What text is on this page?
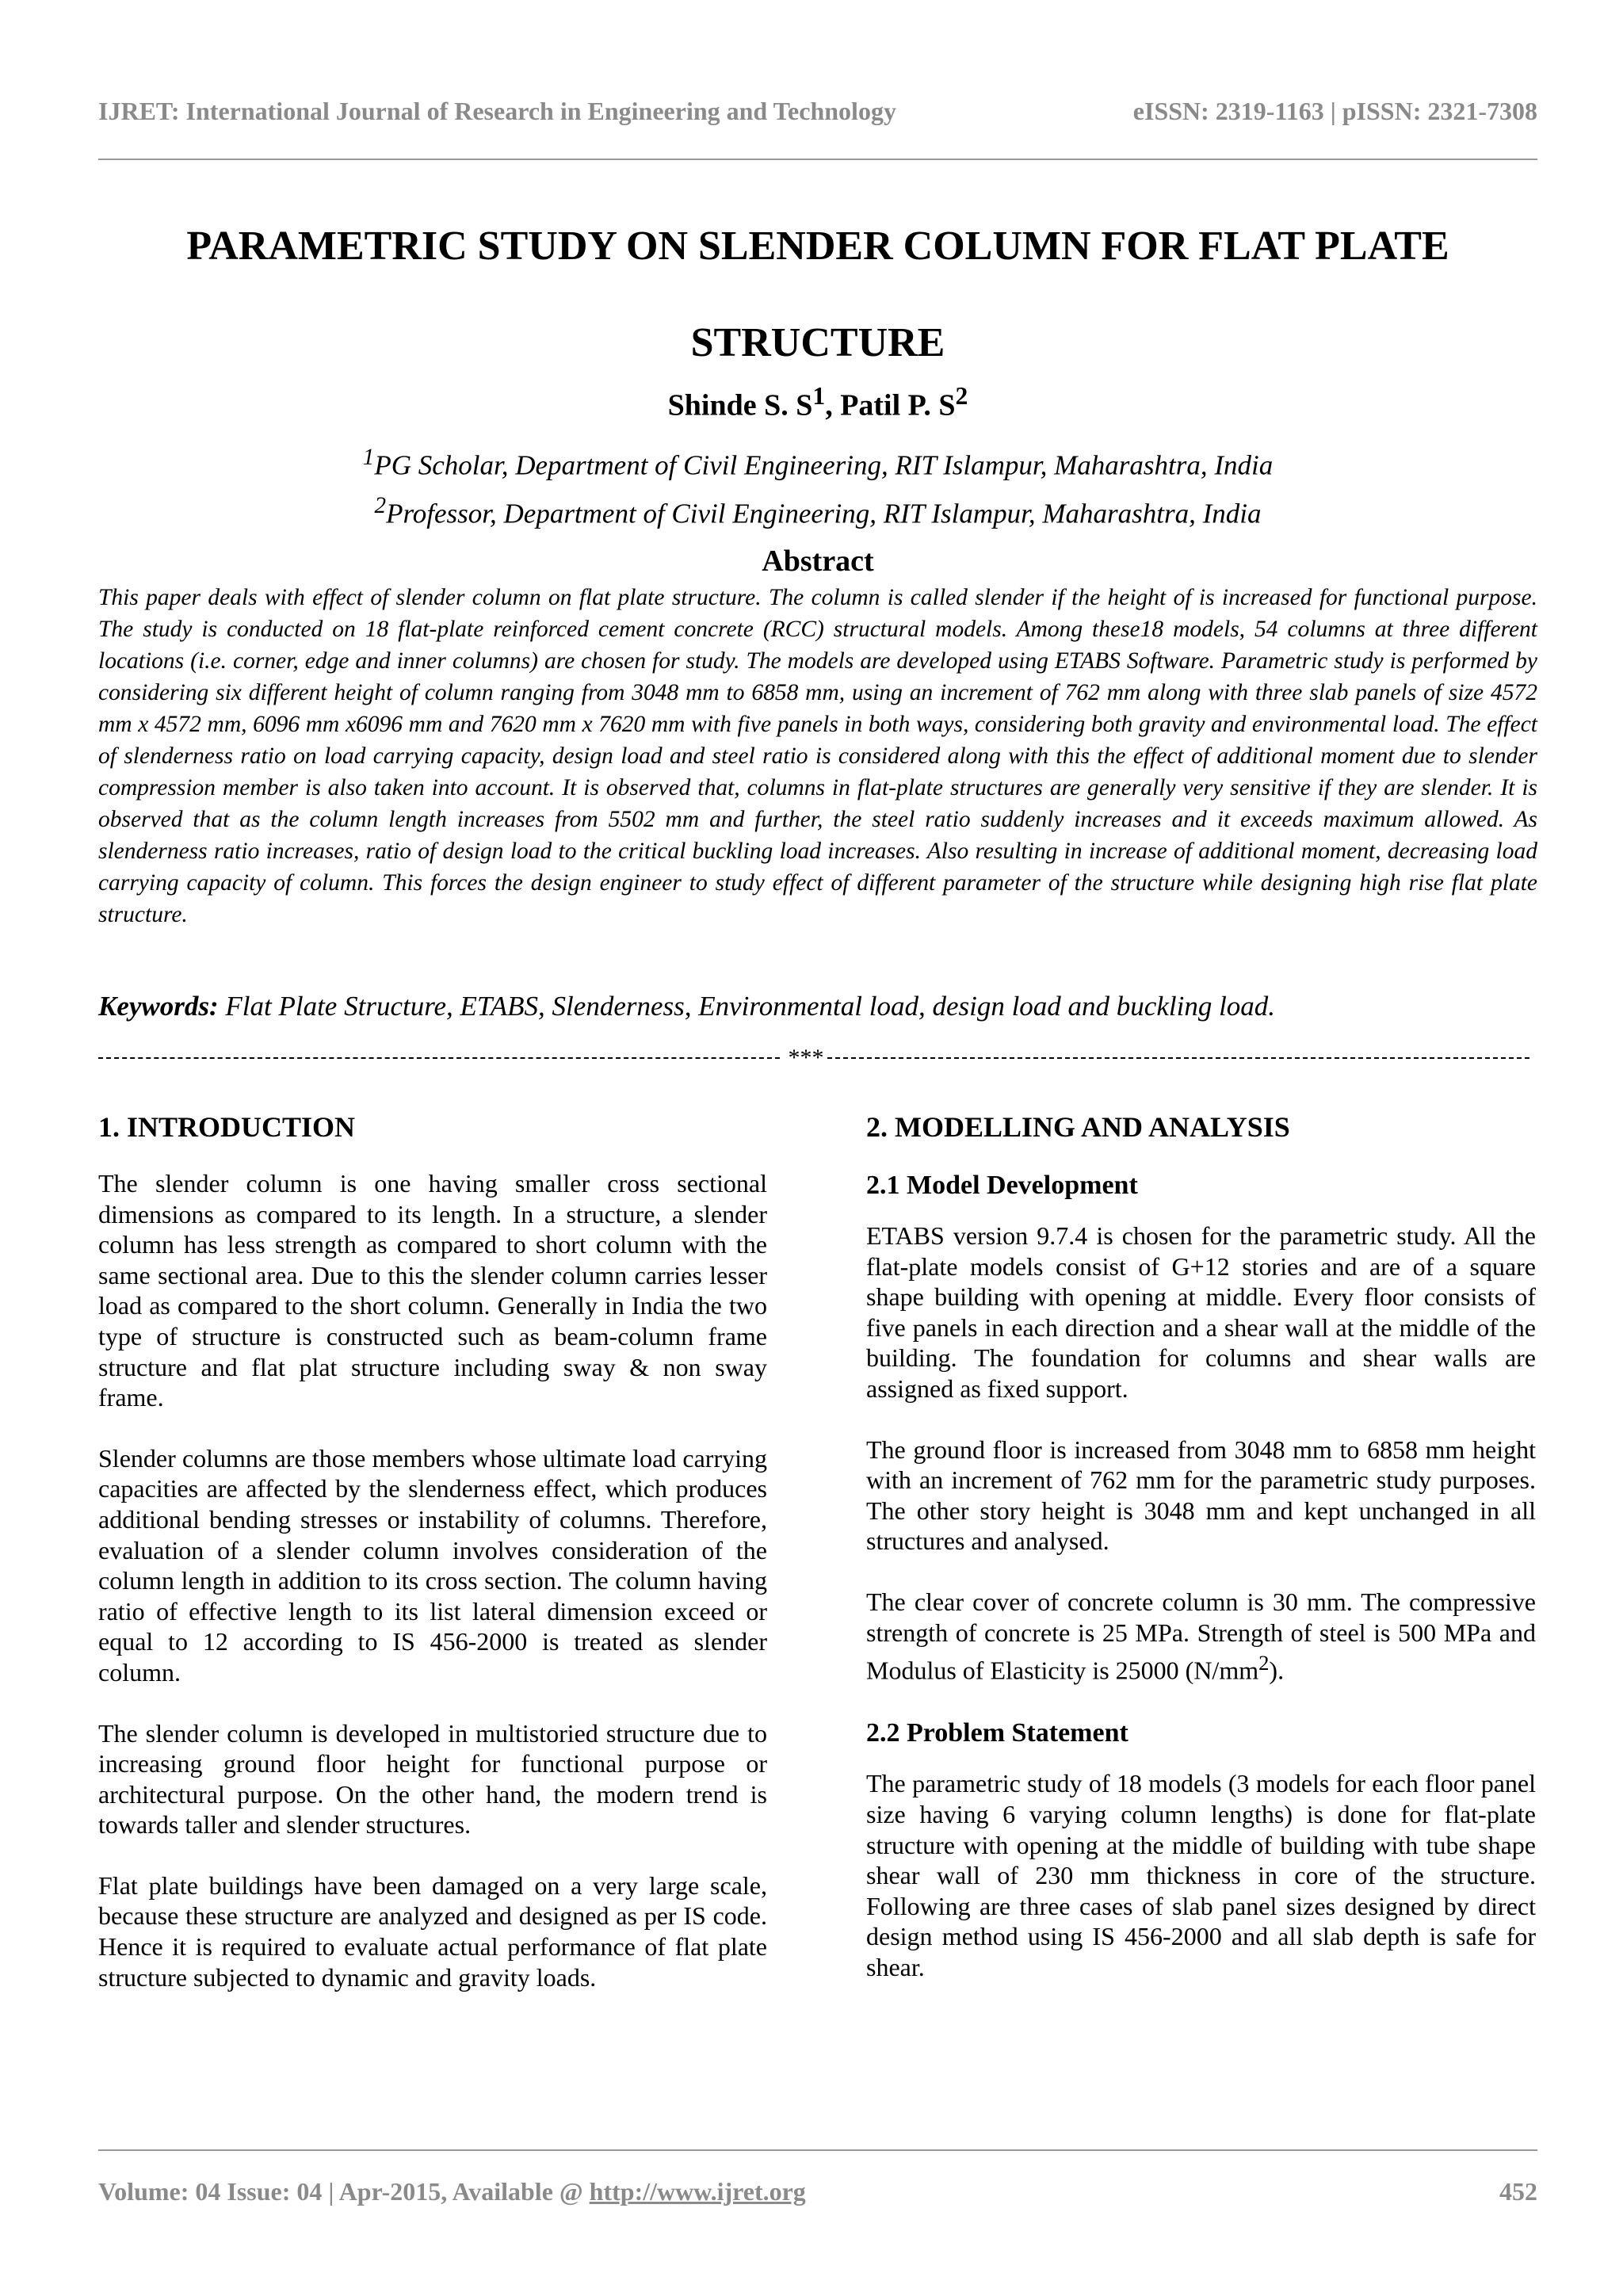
IJRET: International Journal of Research in Engineering and Technology	eISSN: 2319-1163 | pISSN: 2321-7308
PARAMETRIC STUDY ON SLENDER COLUMN FOR FLAT PLATE
STRUCTURE
Shinde S. $S^1$, Patil P. $S^2$
$^1$PG Scholar, Department of Civil Engineering, RIT Islampur, Maharashtra, India
$^2$Professor, Department of Civil Engineering, RIT Islampur, Maharashtra, India
Abstract
This paper deals with effect of slender column on flat plate structure. The column is called slender if the height of is increased for functional purpose. The study is conducted on 18 flat-plate reinforced cement concrete (RCC) structural models. Among these18 models, 54 columns at three different locations (i.e. corner, edge and inner columns) are chosen for study. The models are developed using ETABS Software. Parametric study is performed by considering six different height of column ranging from 3048 mm to 6858 mm, using an increment of 762 mm along with three slab panels of size 4572 mm x 4572 mm, 6096 mm x6096 mm and 7620 mm x 7620 mm with five panels in both ways, considering both gravity and environmental load. The effect of slenderness ratio on load carrying capacity, design load and steel ratio is considered along with this the effect of additional moment due to slender compression member is also taken into account. It is observed that, columns in flat-plate structures are generally very sensitive if they are slender. It is observed that as the column length increases from 5502 mm and further, the steel ratio suddenly increases and it exceeds maximum allowed. As slenderness ratio increases, ratio of design load to the critical buckling load increases. Also resulting in increase of additional moment, decreasing load carrying capacity of column. This forces the design engineer to study effect of different parameter of the structure while designing high rise flat plate structure.
Keywords: Flat Plate Structure, ETABS, Slenderness, Environmental load, design load and buckling load.
***
1. INTRODUCTION

The slender column is one having smaller cross sectional dimensions as compared to its length. In a structure, a slender column has less strength as compared to short column with the same sectional area. Due to this the slender column carries lesser load as compared to the short column. Generally in India the two type of structure is constructed such as beam-column frame structure and flat plat structure including sway & non sway frame.

Slender columns are those members whose ultimate load carrying capacities are affected by the slenderness effect, which produces additional bending stresses or instability of columns. Therefore, evaluation of a slender column involves consideration of the column length in addition to its cross section. The column having ratio of effective length to its list lateral dimension exceed or equal to 12 according to IS 456-2000 is treated as slender column.

The slender column is developed in multistoried structure due to increasing ground floor height for functional purpose or architectural purpose. On the other hand, the modern trend is towards taller and slender structures.

Flat plate buildings have been damaged on a very large scale, because these structure are analyzed and designed as per IS code. Hence it is required to evaluate actual performance of flat plate structure subjected to dynamic and gravity loads.

2. MODELLING AND ANALYSIS
2.1 Model Development

ETABS version 9.7.4 is chosen for the parametric study. All the flat-plate models consist of G+12 stories and are of a square shape building with opening at middle. Every floor consists of five panels in each direction and a shear wall at the middle of the building. The foundation for columns and shear walls are assigned as fixed support.

The ground floor is increased from 3048 mm to 6858 mm height with an increment of 762 mm for the parametric study purposes. The other story height is 3048 mm and kept unchanged in all structures and analysed.

The clear cover of concrete column is 30 mm. The compressive strength of concrete is 25 MPa. Strength of steel is 500 MPa and Modulus of Elasticity is 25000 $(N/mm^2)$.

2.2 Problem Statement

The parametric study of 18 models (3 models for each floor panel size having 6 varying column lengths) is done for flat-plate structure with opening at the middle of building with tube shape shear wall of 230 mm thickness in core of the structure. Following are three cases of slab panel sizes designed by direct design method using IS 456-2000 and all slab depth is safe for shear.

Volume: 04 Issue: 04 | Apr-2015, Available @ http://www.ijret.org	452
